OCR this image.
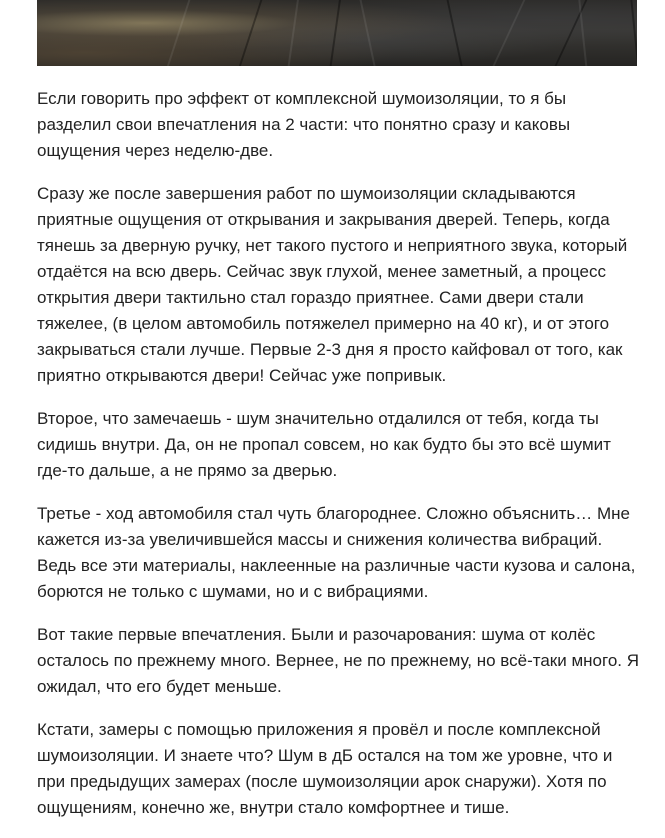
Если говорить про эффект от комплексной шумоизоляции, то я бы разделил свои впечатления на 2 части: что понятно сразу и каковы ощущения через неделю-две.

Сразу же после завершения работ по шумоизоляции складываются приятные ощущения от открывания и закрывания дверей. Теперь, когда тянешь за дверную ручку, нет такого пустого и неприятного звука, который отдаётся на всю дверь. Сейчас звук глухой, менее заметный, а процесс открытия двери тактильно стал гораздо приятнее. Сами двери стали тяжелее, (в целом автомобиль потяжелел примерно на 40 кг), и от этого закрываться стали лучше. Первые 2-3 дня я просто кайфовал от того, как приятно открываются двери! Сейчас уже попривык.

Второе, что замечаешь - шум значительно отдалился от тебя, когда ты сидишь внутри. Да, он не пропал совсем, но как будто бы это всё шумит где-то дальше, а не прямо за дверью.

Третье - ход автомобиля стал чуть благороднее. Сложно объяснить… Мне кажется из-за увеличившейся массы и снижения количества вибраций. Ведь все эти материалы, наклеенные на различные части кузова и салона, борются не только с шумами, но и с вибрациями.

Вот такие первые впечатления. Были и разочарования: шума от колёс осталось по прежнему много. Вернее, не по прежнему, но всё-таки много. Я ожидал, что его будет меньше.

Кстати, замеры с помощью приложения я провёл и после комплексной шумоизоляции. И знаете что? Шум в дБ остался на том же уровне, что и при предыдущих замерах (после шумоизоляции арок снаружи). Хотя по ощущениям, конечно же, внутри стало комфортнее и тише.
